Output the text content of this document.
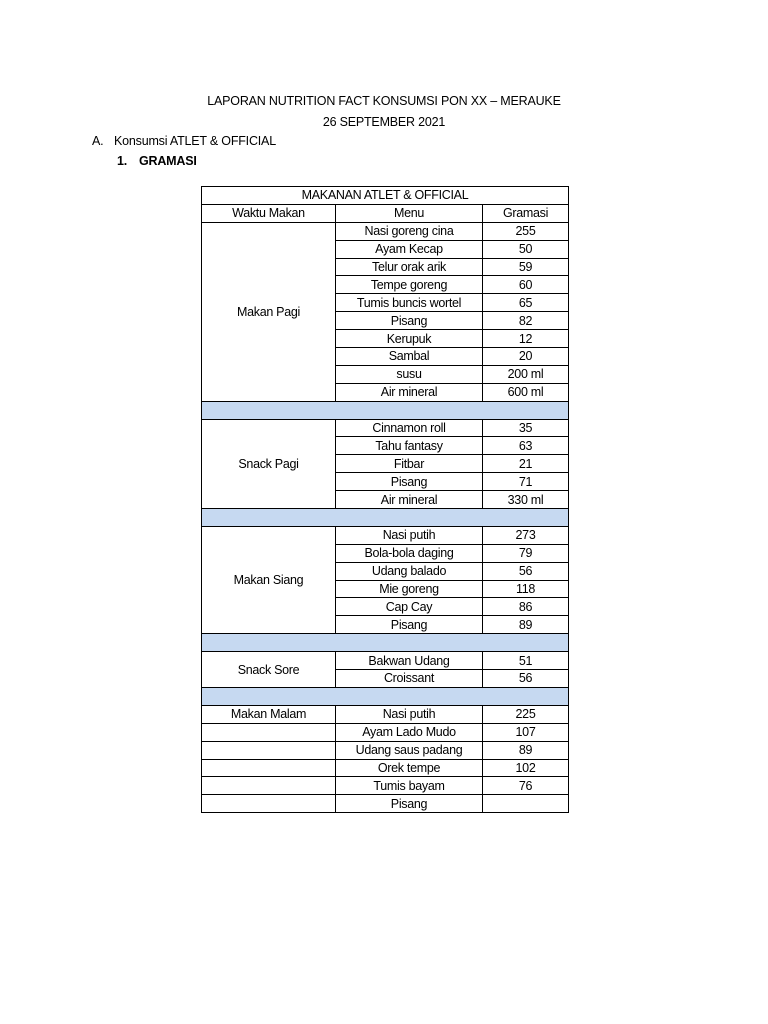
LAPORAN NUTRITION FACT KONSUMSI PON XX – MERAUKE
26 SEPTEMBER 2021
A. Konsumsi ATLET & OFFICIAL
1. GRAMASI
MAKANAN ATLET & OFFICIAL		
Waktu Makan	Menu	Gramasi
Makan Pagi	Nasi goreng cina	255
	Ayam Kecap	50
	Telur orak arik	59
	Tempe goreng	60
	Tumis buncis wortel	65
	Pisang	82
	Kerupuk	12
	Sambal	20
	susu	200 ml
	Air mineral	600 ml

Snack Pagi	Cinnamon roll	35
	Tahu fantasy	63
	Fitbar	21
	Pisang	71
	Air mineral	330 ml

Makan Siang	Nasi putih	273
	Bola-bola daging	79
	Udang balado	56
	Mie goreng	118
	Cap Cay	86
	Pisang	89

Snack Sore	Bakwan Udang	51
	Croissant	56

Makan Malam	Nasi putih	225
	Ayam Lado Mudo	107
	Udang saus padang	89
	Orek tempe	102
	Tumis bayam	76
	Pisang	
